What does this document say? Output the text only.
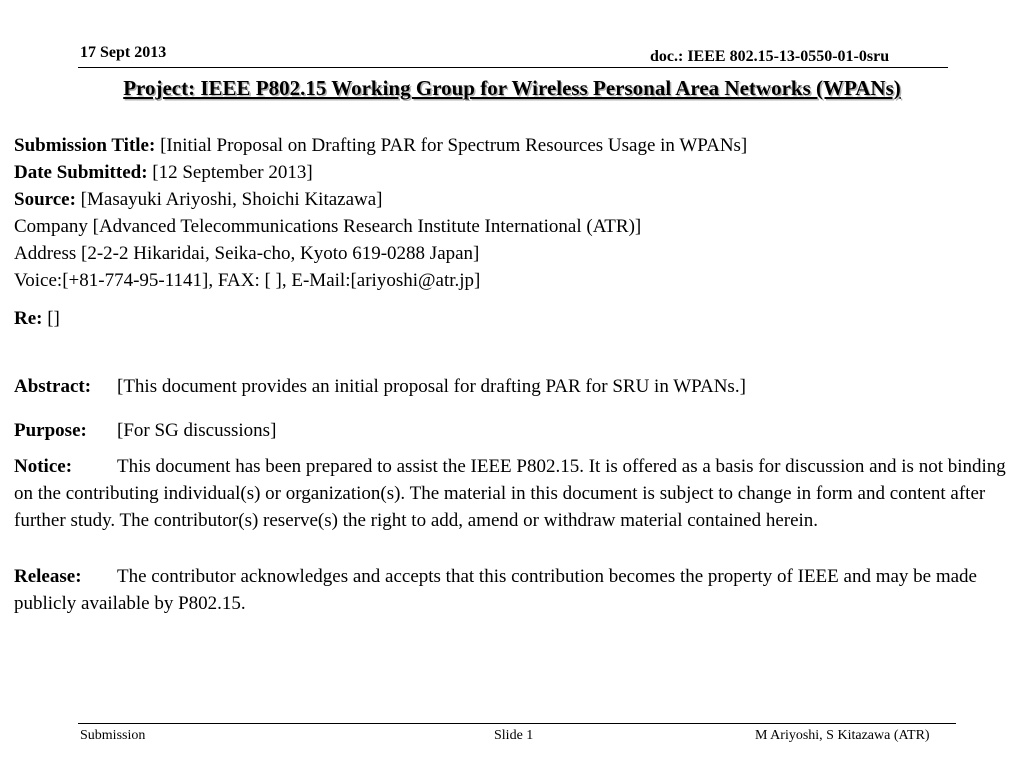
17 Sept 2013	doc.: IEEE 802.15-13-0550-01-0sru
Project: IEEE P802.15 Working Group for Wireless Personal Area Networks (WPANs)
Submission Title: [Initial Proposal on Drafting PAR for Spectrum Resources Usage in WPANs]
Date Submitted: [12 September 2013]
Source: [Masayuki Ariyoshi, Shoichi Kitazawa]
Company [Advanced Telecommunications Research Institute International (ATR)]
Address [2-2-2 Hikaridai, Seika-cho, Kyoto 619-0288 Japan]
Voice:[+81-774-95-1141], FAX: [ ], E-Mail:[ariyoshi@atr.jp]
Re: []
Abstract: [This document provides an initial proposal for drafting PAR for SRU in WPANs.]
Purpose: [For SG discussions]
Notice: This document has been prepared to assist the IEEE P802.15. It is offered as a basis for discussion and is not binding on the contributing individual(s) or organization(s). The material in this document is subject to change in form and content after further study. The contributor(s) reserve(s) the right to add, amend or withdraw material contained herein.
Release: The contributor acknowledges and accepts that this contribution becomes the property of IEEE and may be made publicly available by P802.15.
Submission	Slide 1	M Ariyoshi, S Kitazawa (ATR)
